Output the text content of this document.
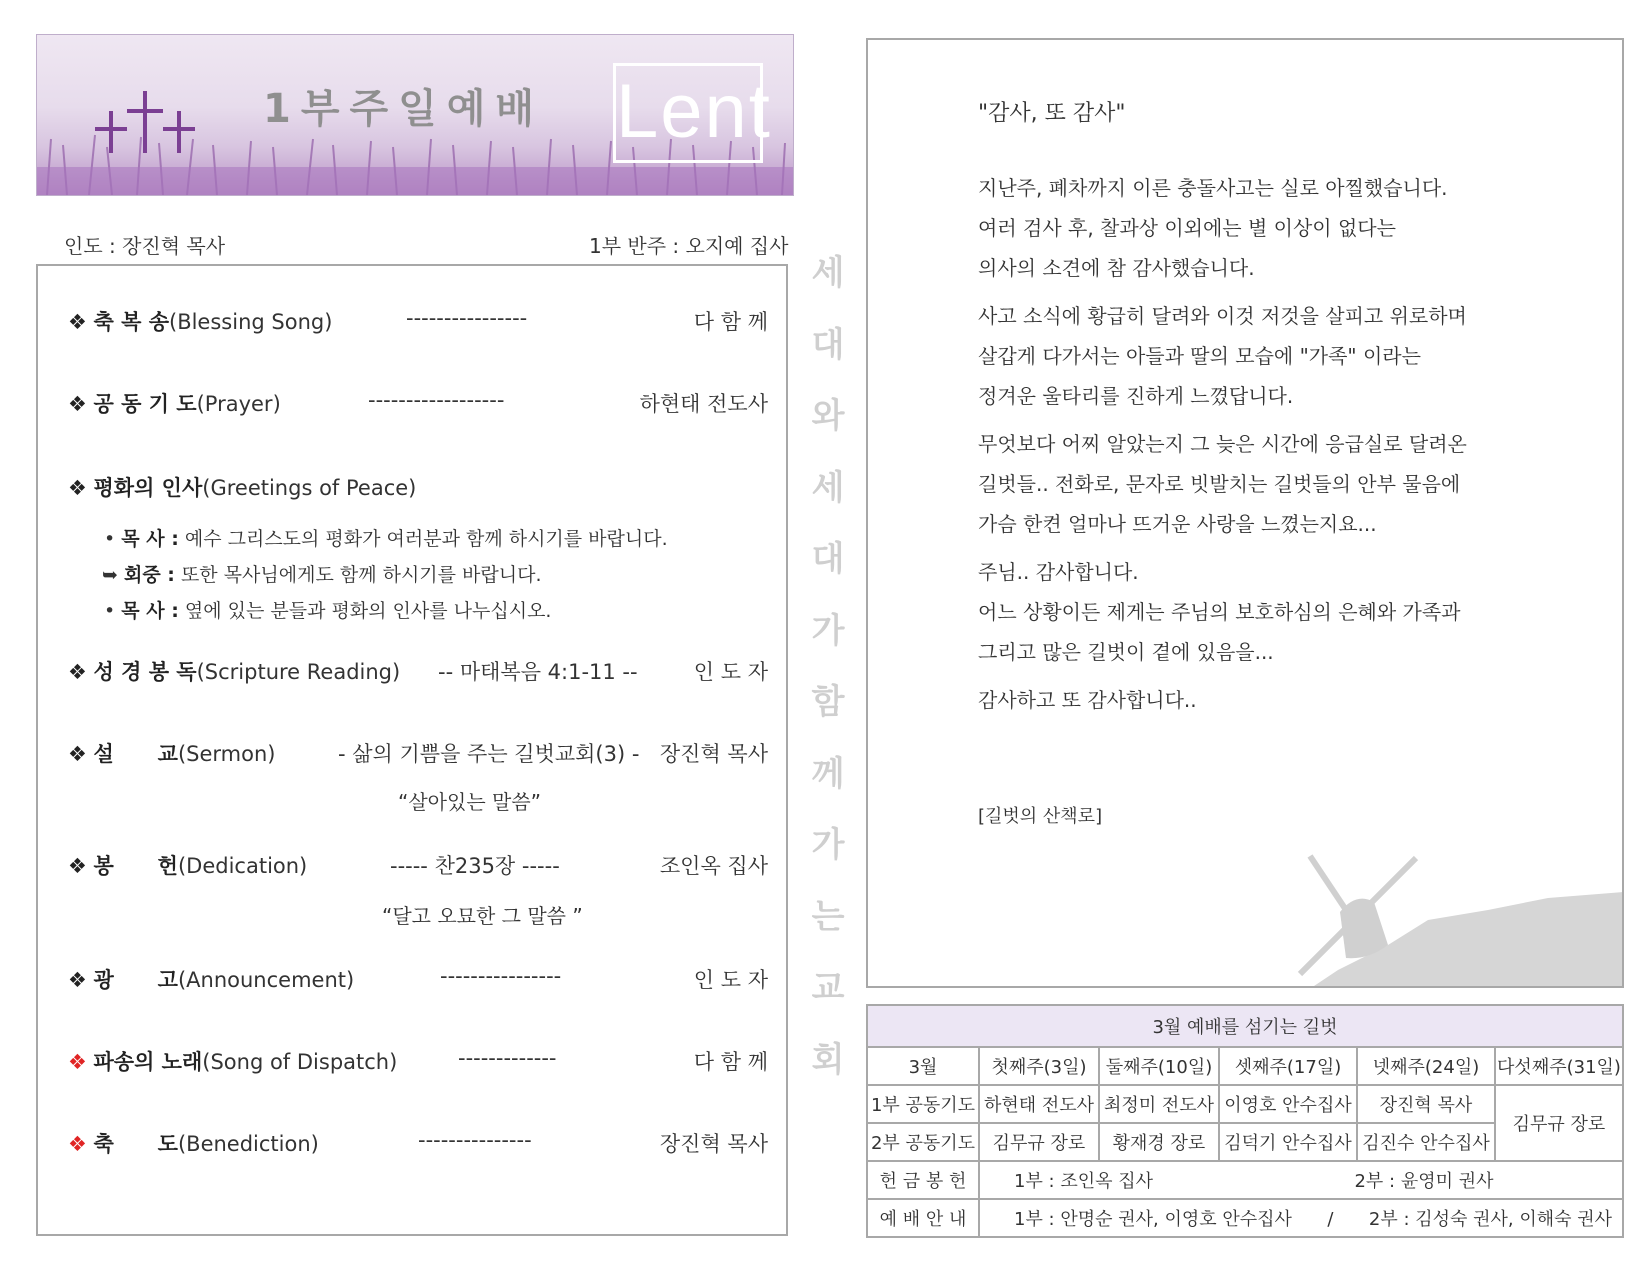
1부주일예배 Lent
인도 : 장진혁 목사	1부 반주 : 오지예 집사
❖ 축 복 송(Blessing Song)	----------------	다 함 께
❖ 공 동 기 도(Prayer)	------------------	하현태 전도사
❖ 평화의 인사(Greetings of Peace)
• 목 사 : 예수 그리스도의 평화가 여러분과 함께 하시기를 바랍니다.
➥ 회중 : 또한 목사님에게도 함께 하시기를 바랍니다.
• 목 사 : 옆에 있는 분들과 평화의 인사를 나누십시오.
❖ 성 경 봉 독(Scripture Reading) -- 마태복음 4:1-11 --	인 도 자
❖ 설      교(Sermon)	- 삶의 기쁨을 주는 길벗교회(3) - 장진혁 목사
“살아있는 말씀”
❖ 봉      헌(Dedication)	----- 찬235장 -----	조인옥 집사
“달고 오묘한 그 말씀 ”
❖ 광      고(Announcement)	----------------	인 도 자
❖ 파송의 노래(Song of Dispatch)	-------------	다 함 께
❖ 축      도(Benediction)	---------------	장진혁 목사
세
대
와
세
대
가
함
께
가
는
교
회
"감사, 또 감사"
지난주, 폐차까지 이른 충돌사고는 실로 아찔했습니다.
여러 검사 후, 찰과상 이외에는 별 이상이 없다는
의사의 소견에 참 감사했습니다.
사고 소식에 황급히 달려와 이것 저것을 살피고 위로하며
살갑게 다가서는 아들과 딸의 모습에 "가족" 이라는
정겨운 울타리를 진하게 느꼈답니다.
무엇보다 어찌 알았는지 그 늦은 시간에 응급실로 달려온
길벗들.. 전화로, 문자로 빗발치는 길벗들의 안부 물음에
가슴 한켠 얼마나 뜨거운 사랑을 느꼈는지요...
주님.. 감사합니다.
어느 상황이든 제게는 주님의 보호하심의 은혜와 가족과
그리고 많은 길벗이 곁에 있음을...
감사하고 또 감사합니다..
[길벗의 산책로]
3월 예배를 섬기는 길벗					
3월	첫째주(3일)	둘째주(10일)	셋째주(17일)	넷째주(24일)	다섯째주(31일)
1부 공동기도	하현태 전도사	최정미 전도사	이영호 안수집사	장진혁 목사	김무규 장로
2부 공동기도	김무규 장로	황재경 장로	김덕기 안수집사	김진수 안수집사	
헌 금 봉 헌	1부 : 조인옥 집사 2부 : 윤영미 권사				
예 배 안 내	1부 : 안명순 권사, 이영호 안수집사 / 2부 : 김성숙 권사, 이해숙 권사				
